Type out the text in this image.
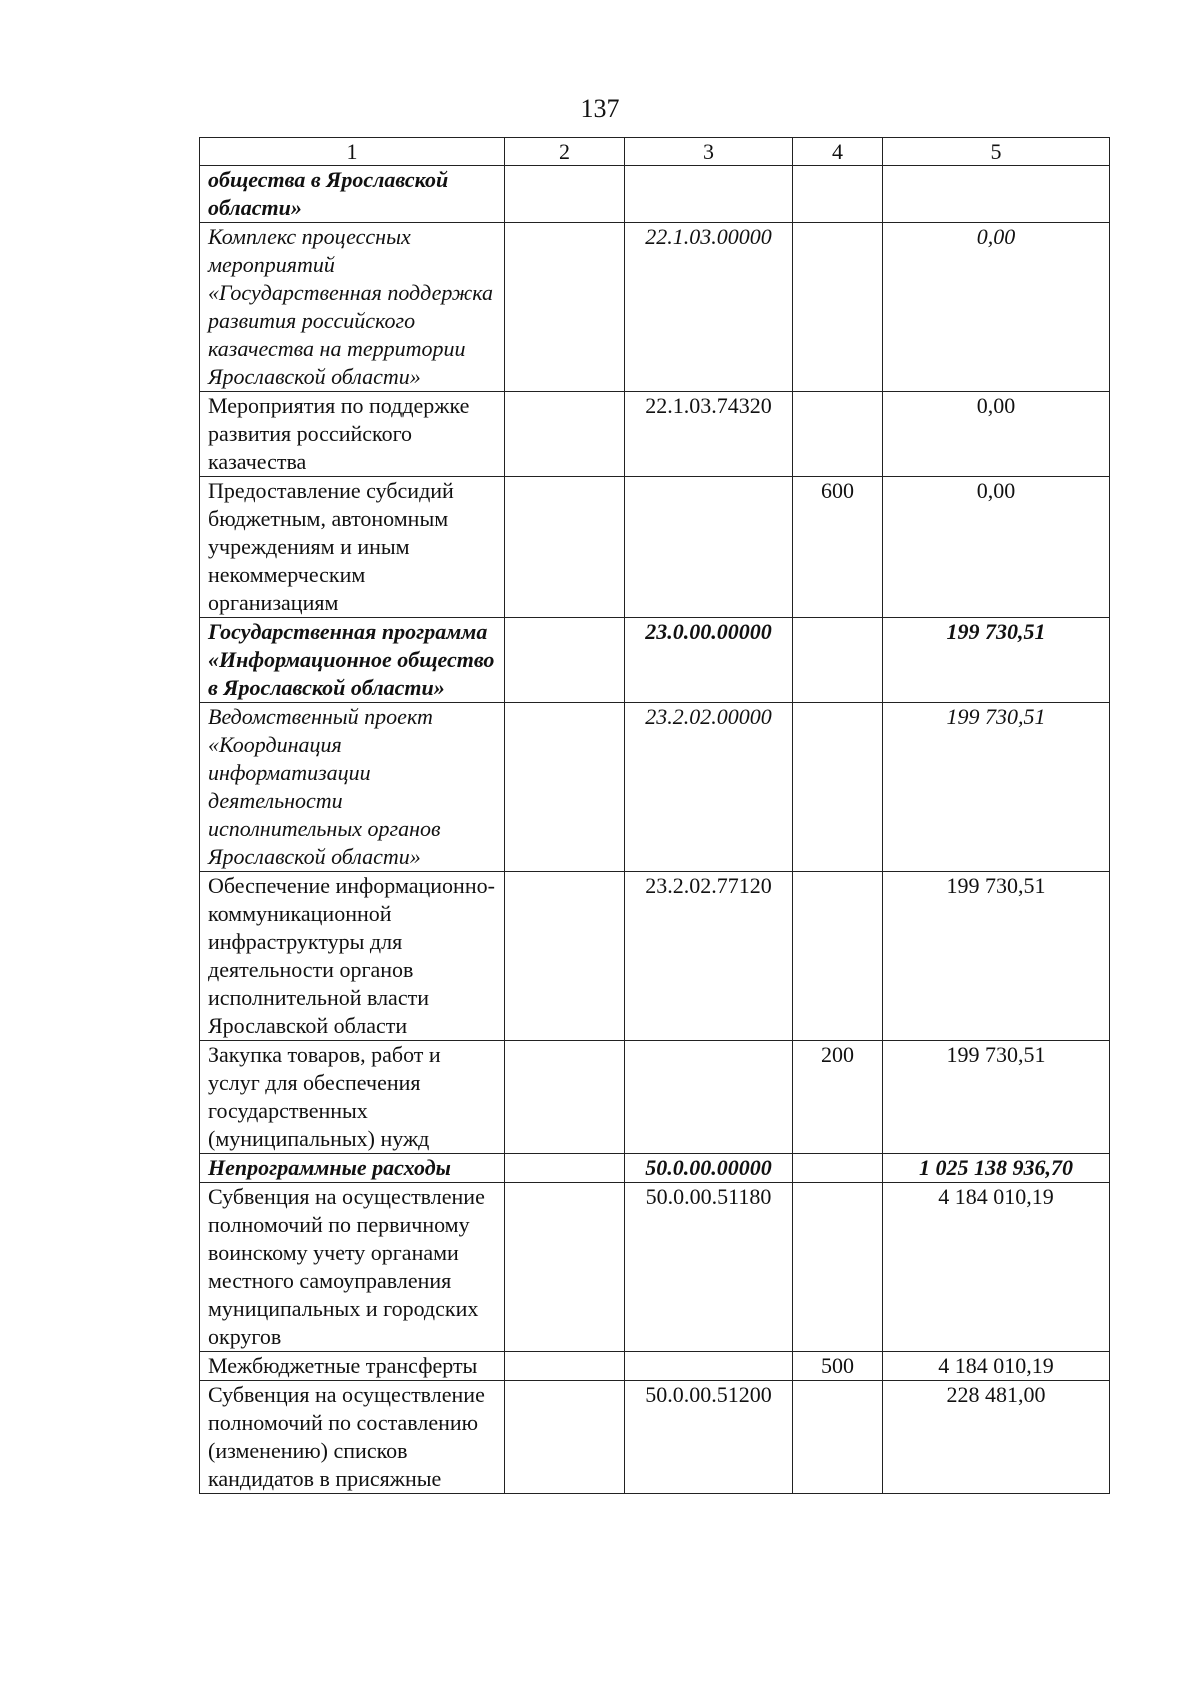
137
1	2	3	4	5
общества в Ярославской области»				
Комплекс процессных мероприятий «Государственная поддержка развития российского казачества на территории Ярославской области»		22.1.03.00000		0,00
Мероприятия по поддержке развития российского казачества		22.1.03.74320		0,00
Предоставление субсидий бюджетным, автономным учреждениям и иным некоммерческим организациям			600	0,00
Государственная программа «Информационное общество в Ярославской области»		23.0.00.00000		199 730,51
Ведомственный проект «Координация информатизации деятельности исполнительных органов Ярославской области»		23.2.02.00000		199 730,51
Обеспечение информационно-коммуникационной инфраструктуры для деятельности органов исполнительной власти Ярославской области		23.2.02.77120		199 730,51
Закупка товаров, работ и услуг для обеспечения государственных (муниципальных) нужд			200	199 730,51
Непрограммные расходы		50.0.00.00000		1 025 138 936,70
Субвенция на осуществление полномочий по первичному воинскому учету органами местного самоуправления муниципальных и городских округов		50.0.00.51180		4 184 010,19
Межбюджетные трансферты			500	4 184 010,19
Субвенция на осуществление полномочий по составлению (изменению) списков кандидатов в присяжные		50.0.00.51200		228 481,00
